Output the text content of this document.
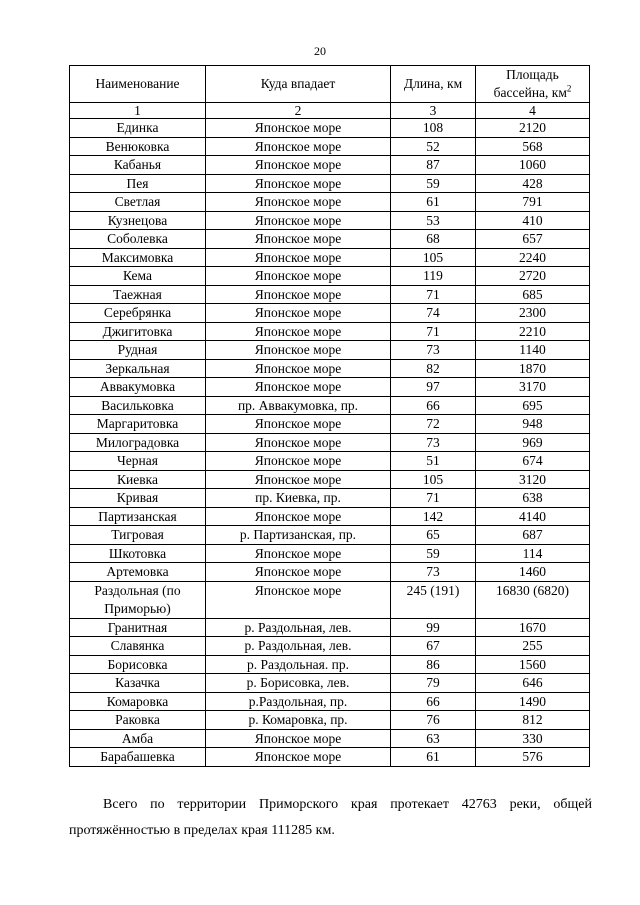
20
Наименование	Куда впадает	Длина, км	Площадь бассейна, $км^2$
1	2	3	4
Единка	Японское море	108	2120
Венюковка	Японское море	52	568
Кабанья	Японское море	87	1060
Пея	Японское море	59	428
Светлая	Японское море	61	791
Кузнецова	Японское море	53	410
Соболевка	Японское море	68	657
Максимовка	Японское море	105	2240
Кема	Японское море	119	2720
Таежная	Японское море	71	685
Серебрянка	Японское море	74	2300
Джигитовка	Японское море	71	2210
Рудная	Японское море	73	1140
Зеркальная	Японское море	82	1870
Аввакумовка	Японское море	97	3170
Васильковка	пр. Аввакумовка, пр.	66	695
Маргаритовка	Японское море	72	948
Милоградовка	Японское море	73	969
Черная	Японское море	51	674
Киевка	Японское море	105	3120
Кривая	пр. Киевка, пр.	71	638
Партизанская	Японское море	142	4140
Тигровая	р. Партизанская, пр.	65	687
Шкотовка	Японское море	59	114
Артемовка	Японское море	73	1460
Раздольная (по Приморью)	Японское море	245 (191)	16830 (6820)
Гранитная	р. Раздольная, лев.	99	1670
Славянка	р. Раздольная, лев.	67	255
Борисовка	р. Раздольная. пр.	86	1560
Казачка	р. Борисовка, лев.	79	646
Комаровка	р.Раздольная, пр.	66	1490
Раковка	р. Комаровка, пр.	76	812
Амба	Японское море	63	330
Барабашевка	Японское море	61	576

Всего по территории Приморского края протекает 42763 реки, общей протяжённостью в пределах края 111285 км.
